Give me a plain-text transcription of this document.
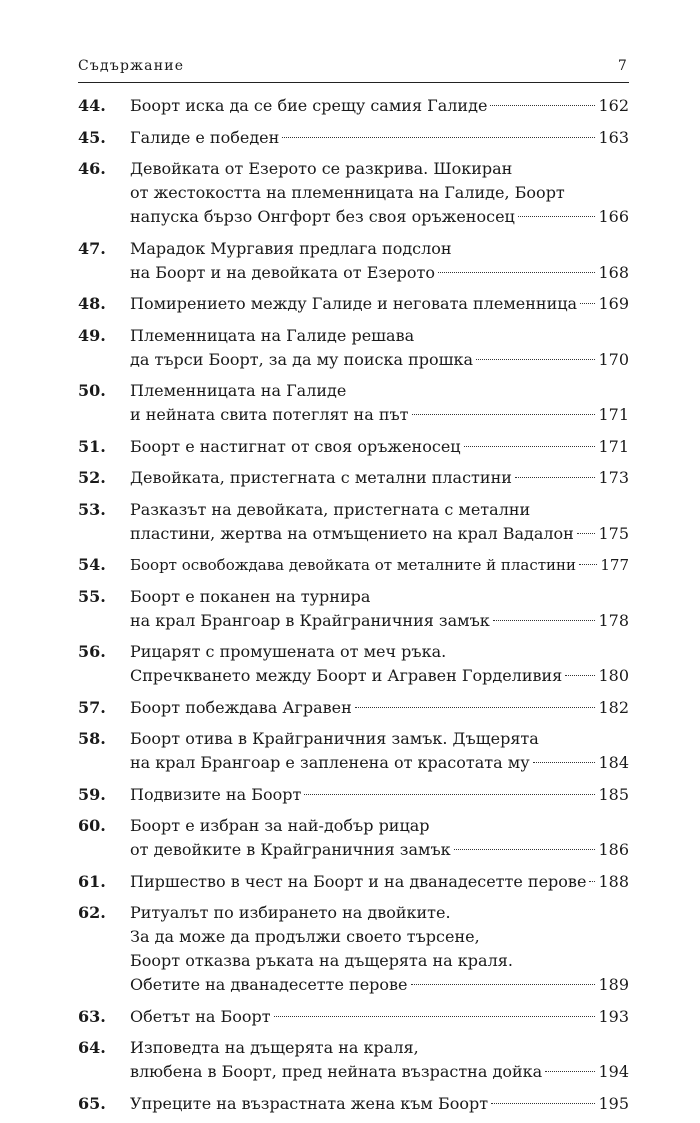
Съдържание	7
44.	Боорт иска да се бие срещу самия Галиде	162
45.	Галиде е победен	163
46.	Девойката от Езерото се разкрива. Шокиран
от жестокостта на племенницата на Галиде, Боорт
напуска бързо Онгфорт без своя оръженосец	166
47.	Марадок Мургавия предлага подслон
на Боорт и на девойката от Езерото	168
48.	Помирението между Галиде и неговата племенница 169
49.	Племенницата на Галиде решава
да търси Боорт, за да му поиска прошка	170
50.	Племенницата на Галиде
и нейната свита потеглят на път	171
51.	Боорт е настигнат от своя оръженосец	171
52.	Девойката, пристегната с метални пластини	173
53.	Разказът на девойката, пристегната с метални
пластини, жертва на отмъщението на крал Вадалон 175
54.	Боорт освобождава девойката от металните й пластини 177
55.	Боорт е поканен на турнира
на крал Брангоар в Крайграничния замък	178
56.	Рицарят с промушената от меч ръка.
Спречкването между Боорт и Агравен Горделивия 180
57.	Боорт побеждава Агравен	182
58.	Боорт отива в Крайграничния замък. Дъщерята
на крал Брангоар е запленена от красотата му	184
59.	Подвизите на Боорт	185
60.	Боорт е избран за най-добър рицар
от девойките в Крайграничния замък	186
61.	Пиршество в чест на Боорт и на дванадесетте перове 188
62.	Ритуалът по избирането на двойките.
За да може да продължи своето търсене,
Боорт отказва ръката на дъщерята на краля.
Обетите на дванадесетте перове	189
63.	Обетът на Боорт	193
64.	Изповедта на дъщерята на краля,
влюбена в Боорт, пред нейната възрастна дойка	194
65.	Упреците на възрастната жена към Боорт	195
